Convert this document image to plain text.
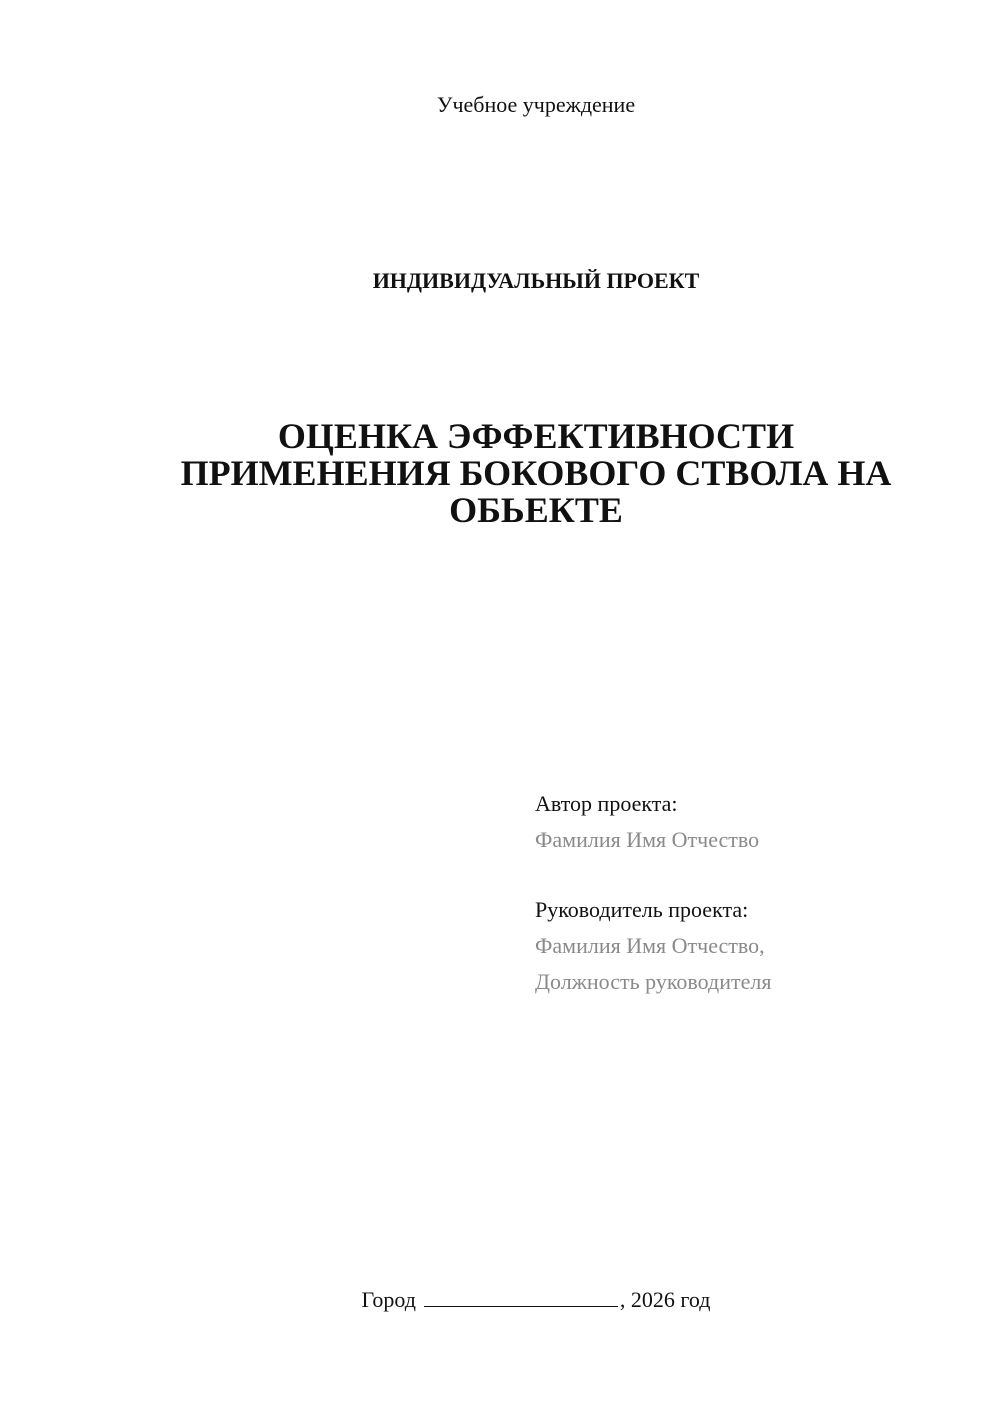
Учебное учреждение
ИНДИВИДУАЛЬНЫЙ ПРОЕКТ
ОЦЕНКА ЭФФЕКТИВНОСТИ
ПРИМЕНЕНИЯ БОКОВОГО СТВОЛА НА
ОБЬЕКТЕ
Автор проекта:
Фамилия Имя Отчество
Руководитель проекта:
Фамилия Имя Отчество,
Должность руководителя
Город	, 2026 год
